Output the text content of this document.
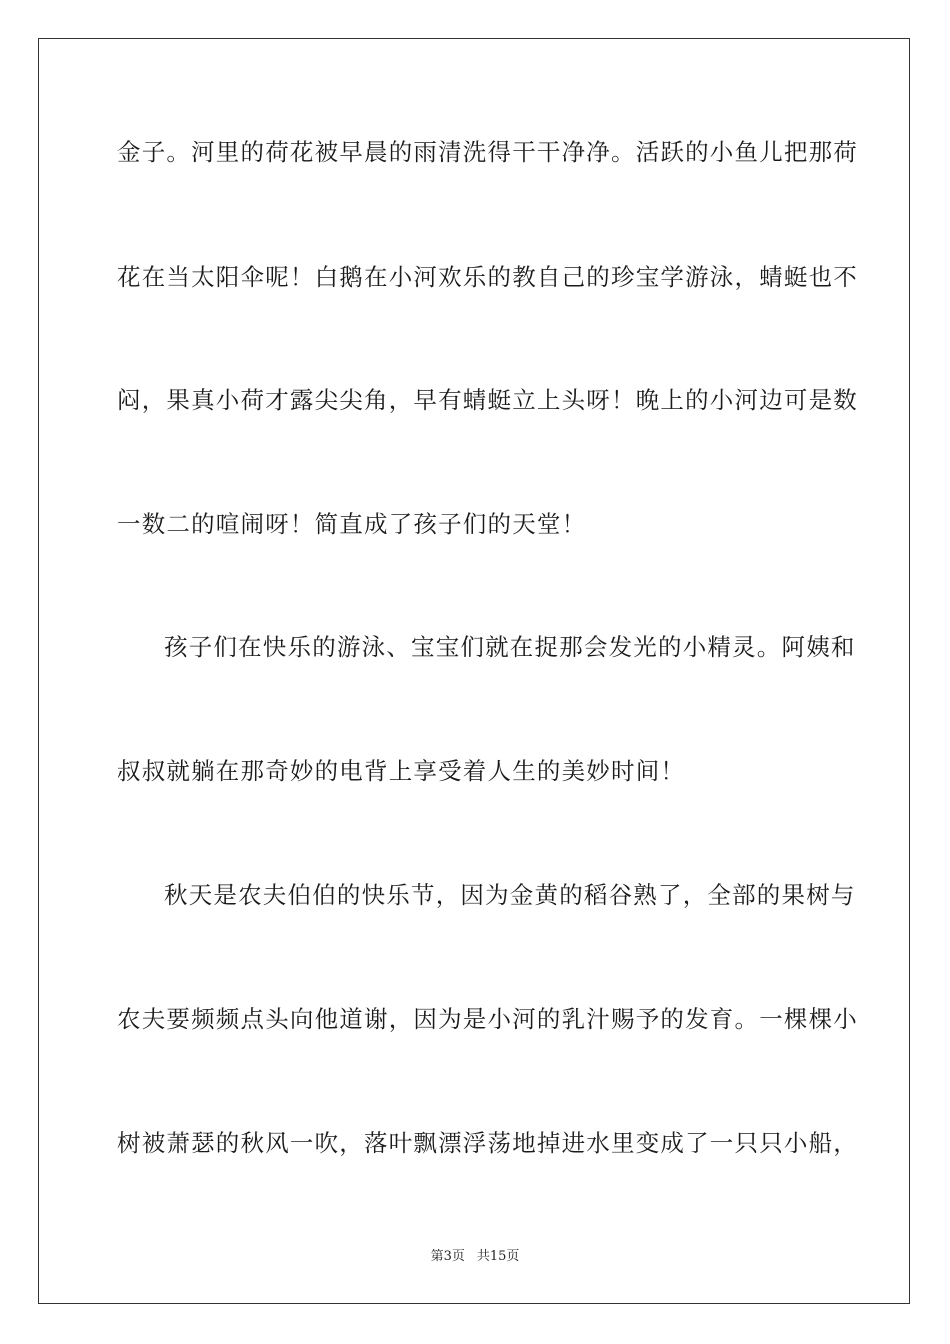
金子。河里的荷花被早晨的雨清洗得干干净净。活跃的小鱼儿把那荷
花在当太阳伞呢！白鹅在小河欢乐的教自己的珍宝学游泳，蜻蜓也不
闷，果真小荷才露尖尖角，早有蜻蜓立上头呀！晚上的小河边可是数
一数二的喧闹呀！简直成了孩子们的天堂！
孩子们在快乐的游泳、宝宝们就在捉那会发光的小精灵。阿姨和
叔叔就躺在那奇妙的电背上享受着人生的美妙时间！
秋天是农夫伯伯的快乐节，因为金黄的稻谷熟了，全部的果树与
农夫要频频点头向他道谢，因为是小河的乳汁赐予的发育。一棵棵小
树被萧瑟的秋风一吹，落叶飘漂浮荡地掉进水里变成了一只只小船，
第3页 共15页
